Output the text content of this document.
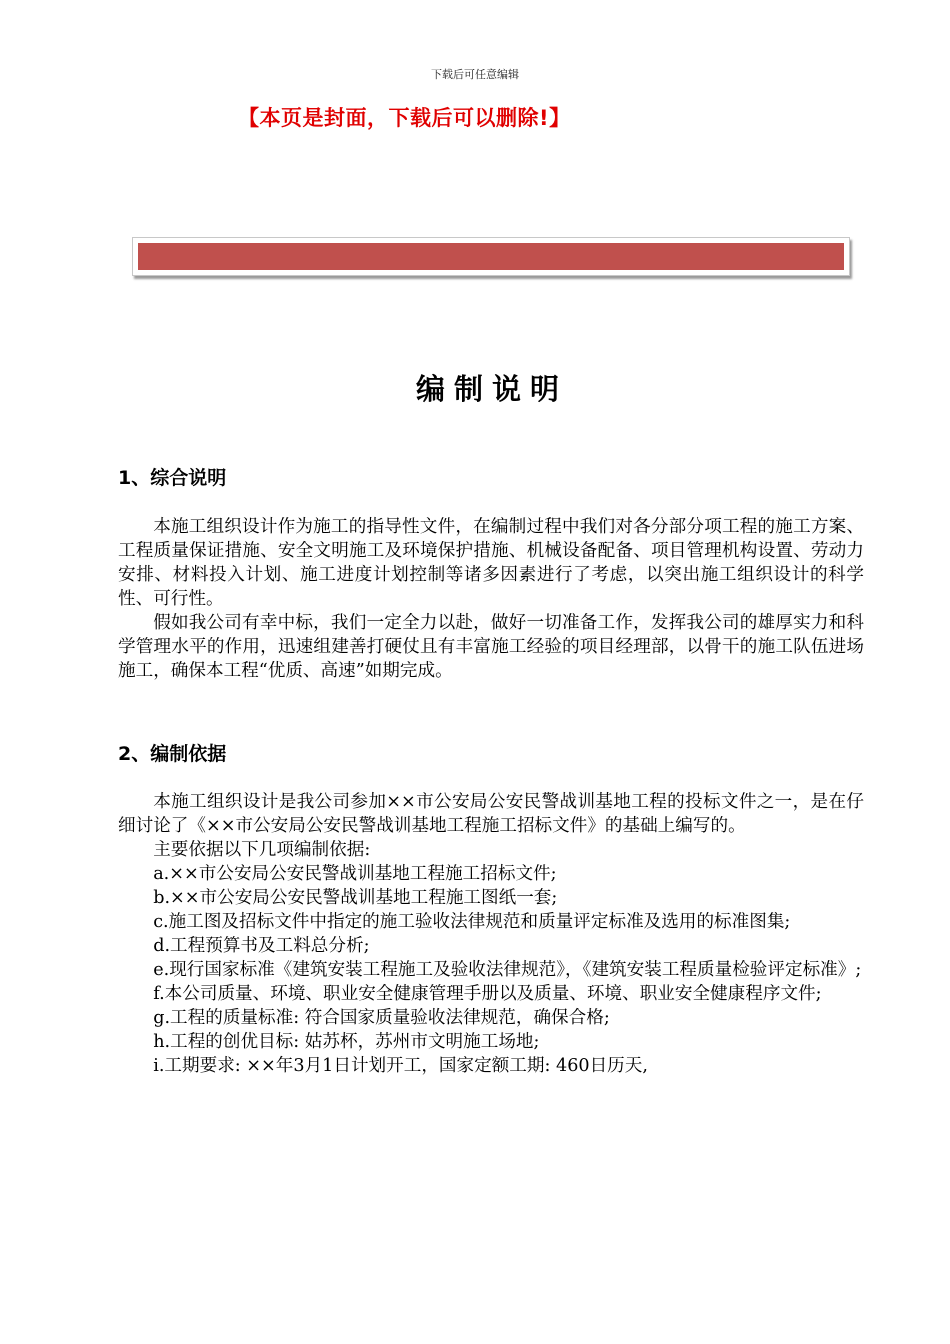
下载后可任意编辑
【本页是封面，下载后可以删除!】
编制说明
1、综合说明

本施工组织设计作为施工的指导性文件，在编制过程中我们对各分部分项工程的施工方案、工程质量保证措施、安全文明施工及环境保护措施、机械设备配备、项目管理机构设置、劳动力安排、材料投入计划、施工进度计划控制等诸多因素进行了考虑，以突出施工组织设计的科学性、可行性。

假如我公司有幸中标，我们一定全力以赴，做好一切准备工作，发挥我公司的雄厚实力和科学管理水平的作用，迅速组建善打硬仗且有丰富施工经验的项目经理部，以骨干的施工队伍进场施工，确保本工程“优质、高速”如期完成。

2、编制依据

本施工组织设计是我公司参加××市公安局公安民警战训基地工程的投标文件之一，是在仔细讨论了《××市公安局公安民警战训基地工程施工招标文件》的基础上编写的。

主要依据以下几项编制依据:

a.××市公安局公安民警战训基地工程施工招标文件;

b.××市公安局公安民警战训基地工程施工图纸一套;

c.施工图及招标文件中指定的施工验收法律规范和质量评定标准及选用的标准图集;

d.工程预算书及工料总分析;

e.现行国家标准《建筑安装工程施工及验收法律规范》，《建筑安装工程质量检验评定标准》;

f.本公司质量、环境、职业安全健康管理手册以及质量、环境、职业安全健康程序文件;

g.工程的质量标准: 符合国家质量验收法律规范，确保合格;

h.工程的创优目标: 姑苏杯，苏州市文明施工场地;

i.工期要求: ××年3月1日计划开工，国家定额工期: 460日历天,
